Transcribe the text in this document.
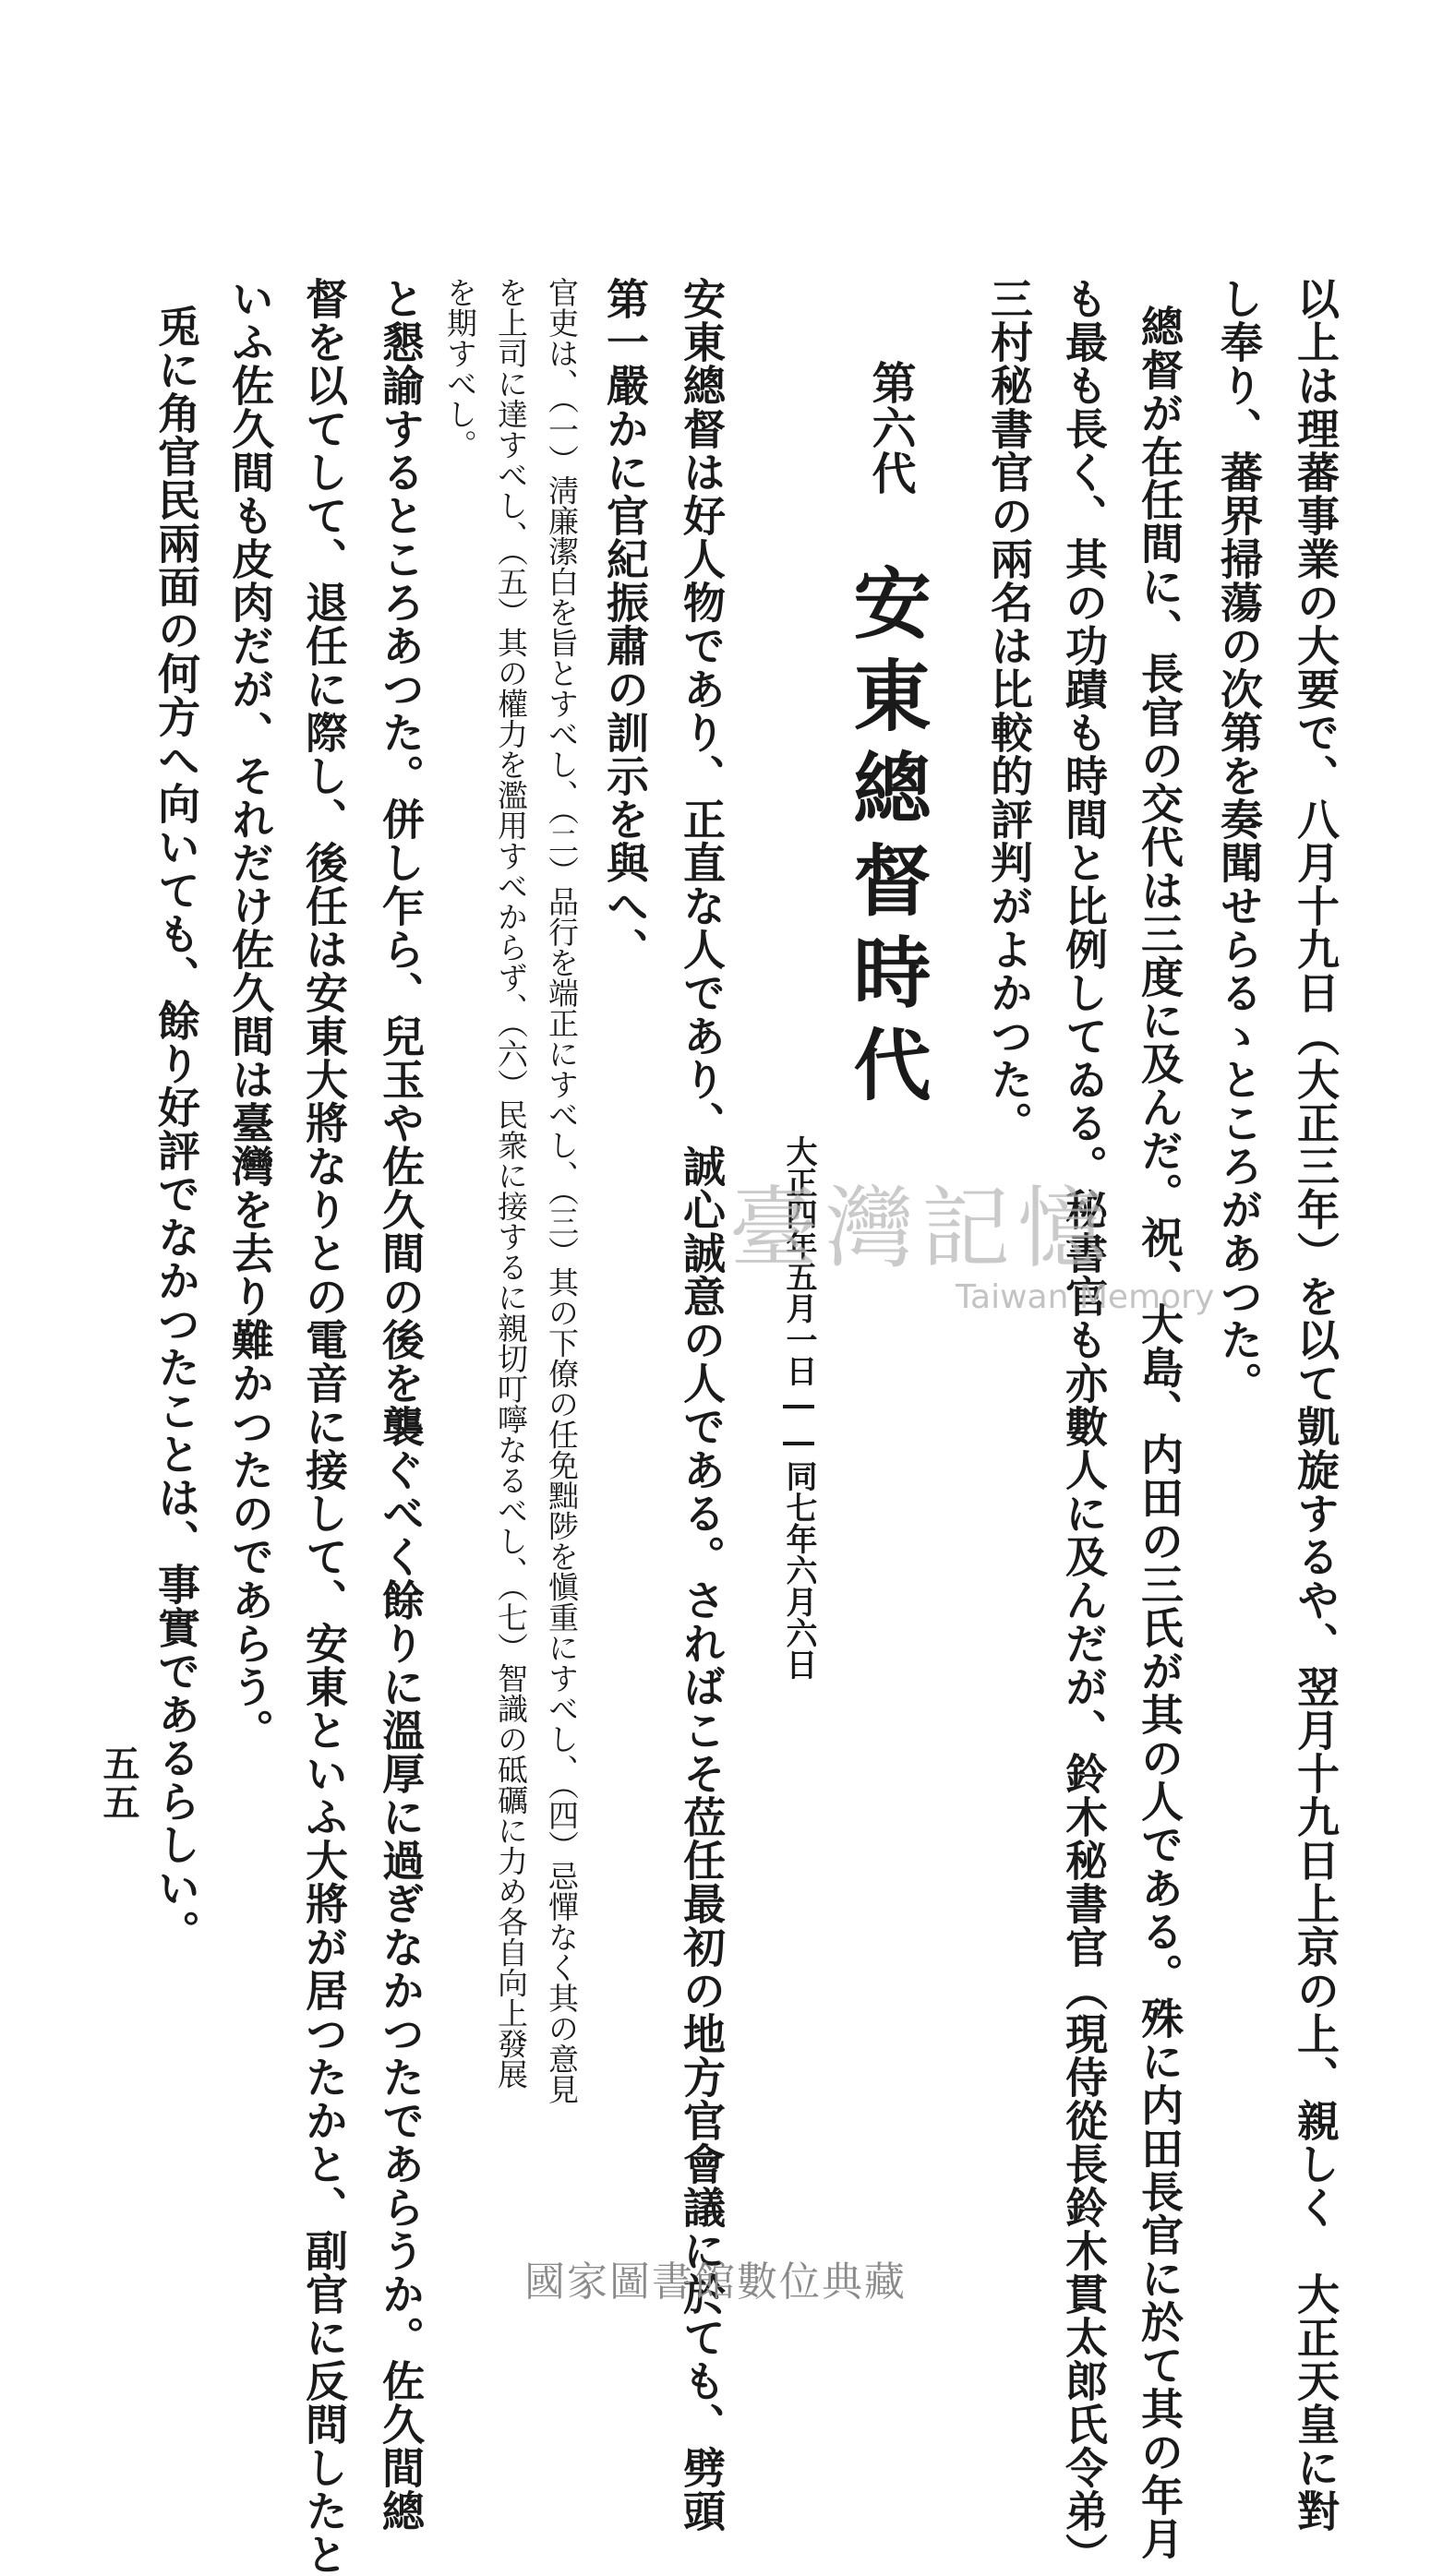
以上は理蕃事業の大要で、八月十九日（大正三年）を以て凱旋するや、翌月十九日上京の上、親しく　大正天皇に對
し奉り、蕃界掃蕩の次第を奏聞せらるゝところがあつた。
總督が在任間に、長官の交代は三度に及んだ。祝、大島、内田の三氏が其の人である。殊に内田長官に於て其の年月
も最も長く、其の功蹟も時間と比例してゐる。秘書官も亦數人に及んだが、鈴木秘書官（現侍從長鈴木貫太郎氏令弟）
三村秘書官の兩名は比較的評判がよかつた。
第六代
安東總督時代
大正四年五月一日――同七年六月六日
安東總督は好人物であり、正直な人であり、誠心誠意の人である。さればこそ莅任最初の地方官會議に於ても、劈頭
第一嚴かに官紀振肅の訓示を與へ、
官吏は、（一）淸廉潔白を旨とすべし、（二）品行を端正にすべし、（三）其の下僚の任免黜陟を愼重にすべし、（四）忌憚なく其の意見
を上司に達すべし、（五）其の權力を濫用すべからず、（六）民衆に接するに親切叮嚀なるべし、（七）智識の砥礪に力め各自向上發展
を期すべし。
と懇諭するところあつた。併し乍ら、兒玉や佐久間の後を襲ぐべく餘りに溫厚に過ぎなかつたであらうか。佐久間總
督を以てして、退任に際し、後任は安東大將なりとの電音に接して、安東といふ大將が居つたかと、副官に反問したと
いふ佐久間も皮肉だが、それだけ佐久間は臺灣を去り難かつたのであらう。
兎に角官民兩面の何方へ向いても、餘り好評でなかつたことは、事實であるらしい。
五五
臺灣記憶
Taiwan Memory
國家圖書館數位典藏
